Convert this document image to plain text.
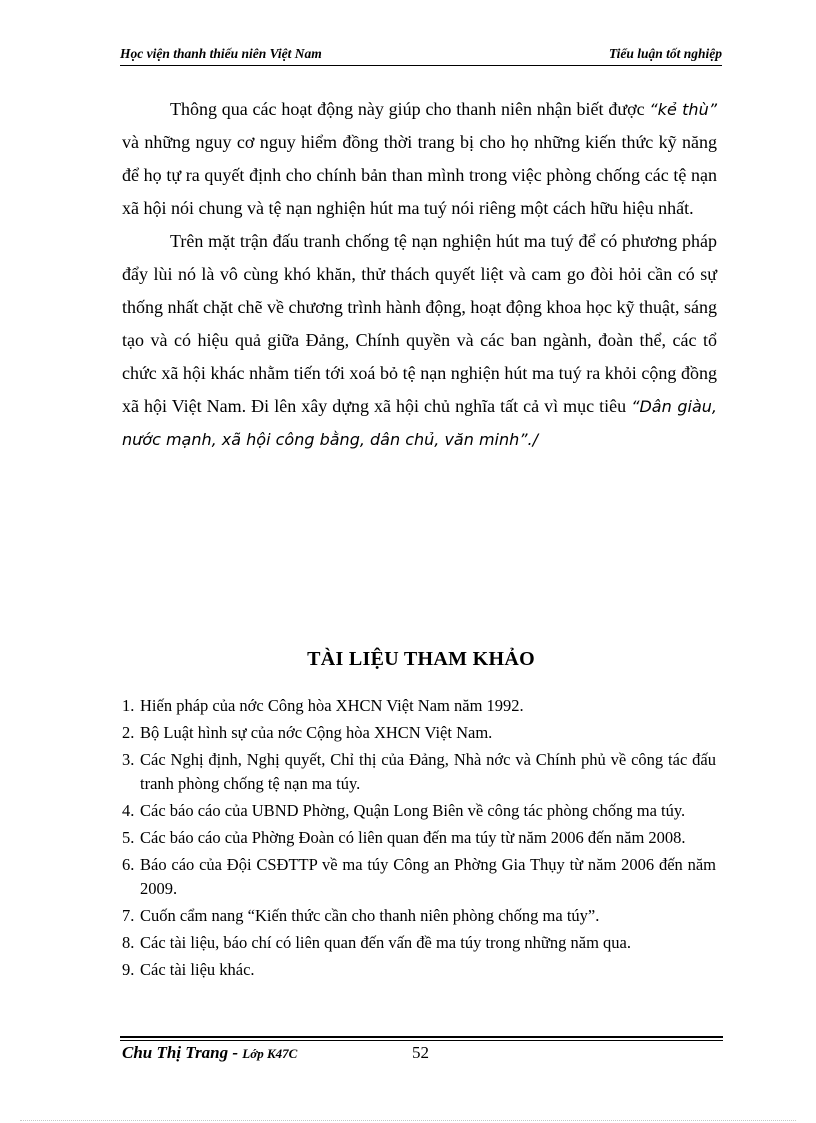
Học viện thanh thiếu niên Việt Nam	Tiểu luận tốt nghiệp

Thông qua các hoạt động này giúp cho thanh niên nhận biết được “kẻ thù” và những nguy cơ nguy hiểm đồng thời trang bị cho họ những kiến thức kỹ năng để họ tự ra quyết định cho chính bản than mình trong việc phòng chống các tệ nạn xã hội nói chung và tệ nạn nghiện hút ma tuý nói riêng một cách hữu hiệu nhất.

Trên mặt trận đấu tranh chống tệ nạn nghiện hút ma tuý để có phương pháp đẩy lùi nó là vô cùng khó khăn, thử thách quyết liệt và cam go đòi hỏi cần có sự thống nhất chặt chẽ về chương trình hành động, hoạt động khoa học kỹ thuật, sáng tạo và có hiệu quả giữa Đảng, Chính quyền và các ban ngành, đoàn thể, các tổ chức xã hội khác nhằm tiến tới xoá bỏ tệ nạn nghiện hút ma tuý ra khỏi cộng đồng xã hội Việt Nam. Đi lên xây dựng xã hội chủ nghĩa tất cả vì mục tiêu “Dân giàu, nước mạnh, xã hội công bằng, dân chủ, văn minh”./

TÀI LIỆU THAM KHẢO
1. Hiến pháp của nớc Công hòa XHCN Việt Nam năm 1992.
2. Bộ Luật hình sự của nớc Cộng hòa XHCN Việt Nam.
3. Các Nghị định, Nghị quyết, Chỉ thị của Đảng, Nhà nớc và Chính phủ về công tác đấu tranh phòng chống tệ nạn ma túy.
4. Các báo cáo của UBND Phờng, Quận Long Biên về công tác phòng chống ma túy.
5. Các báo cáo của Phờng Đoàn có liên quan đến ma túy từ năm 2006 đến năm 2008.
6. Báo cáo của Đội CSĐTTP về ma túy Công an Phờng Gia Thụy từ năm 2006 đến năm 2009.
7. Cuốn cẩm nang “Kiến thức cần cho thanh niên phòng chống ma túy”.
8. Các tài liệu, báo chí có liên quan đến vấn đề ma túy trong những năm qua.
9. Các tài liệu khác.
Chu Thị Trang - Lớp K47C	52
